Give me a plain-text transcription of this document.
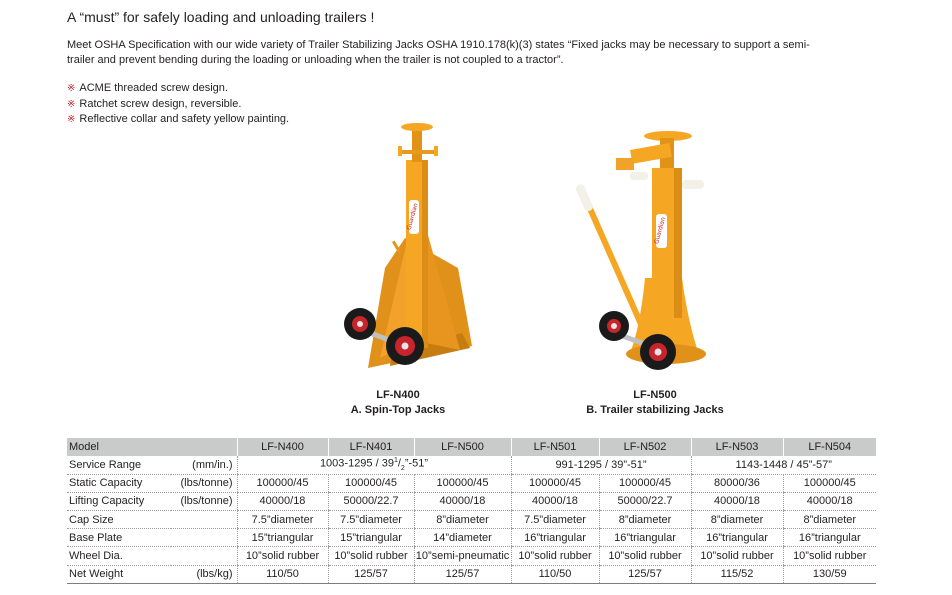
A “must” for safely loading and unloading trailers !

Meet OSHA Specification with our wide variety of Trailer Stabilizing Jacks OSHA 1910.178(k)(3) states “Fixed jacks may be necessary to support a semi-trailer and prevent bending during the loading or unloading when the trailer is not coupled to a tractor”.

※ ACME threaded screw design.
※ Ratchet screw design, reversible.
※ Reflective collar and safety yellow painting.
Guardian	Guardian
LF-N400
A. Spin-Top Jacks
LF-N500
B. Trailer stabilizing Jacks
Model		LF-N400	LF-N401	LF-N500	LF-N501	LF-N502	LF-N503	LF-N504
Service Range	(mm/in.)	$1003-1295 / 39^1/_2”-51$”			991-1295 / 39”-51”		1143-1448 / 45”-57”	
Static Capacity	(lbs/tonne)	100000/45	100000/45	100000/45	100000/45	100000/45	80000/36	100000/45
Lifting Capacity	(lbs/tonne)	40000/18	50000/22.7	40000/18	40000/18	50000/22.7	40000/18	40000/18
Cap Size		7.5”diameter	7.5”diameter	8”diameter	7.5”diameter	8”diameter	8”diameter	8”diameter
Base Plate		15”triangular	15”triangular	14”diameter	16”triangular	16”triangular	16”triangular	16”triangular
Wheel Dia.		10”solid rubber	10”solid rubber	10”semi-pneumatic	10”solid rubber	10”solid rubber	10”solid rubber	10”solid rubber
Net Weight	(lbs/kg)	110/50	125/57	125/57	110/50	125/57	115/52	130/59
